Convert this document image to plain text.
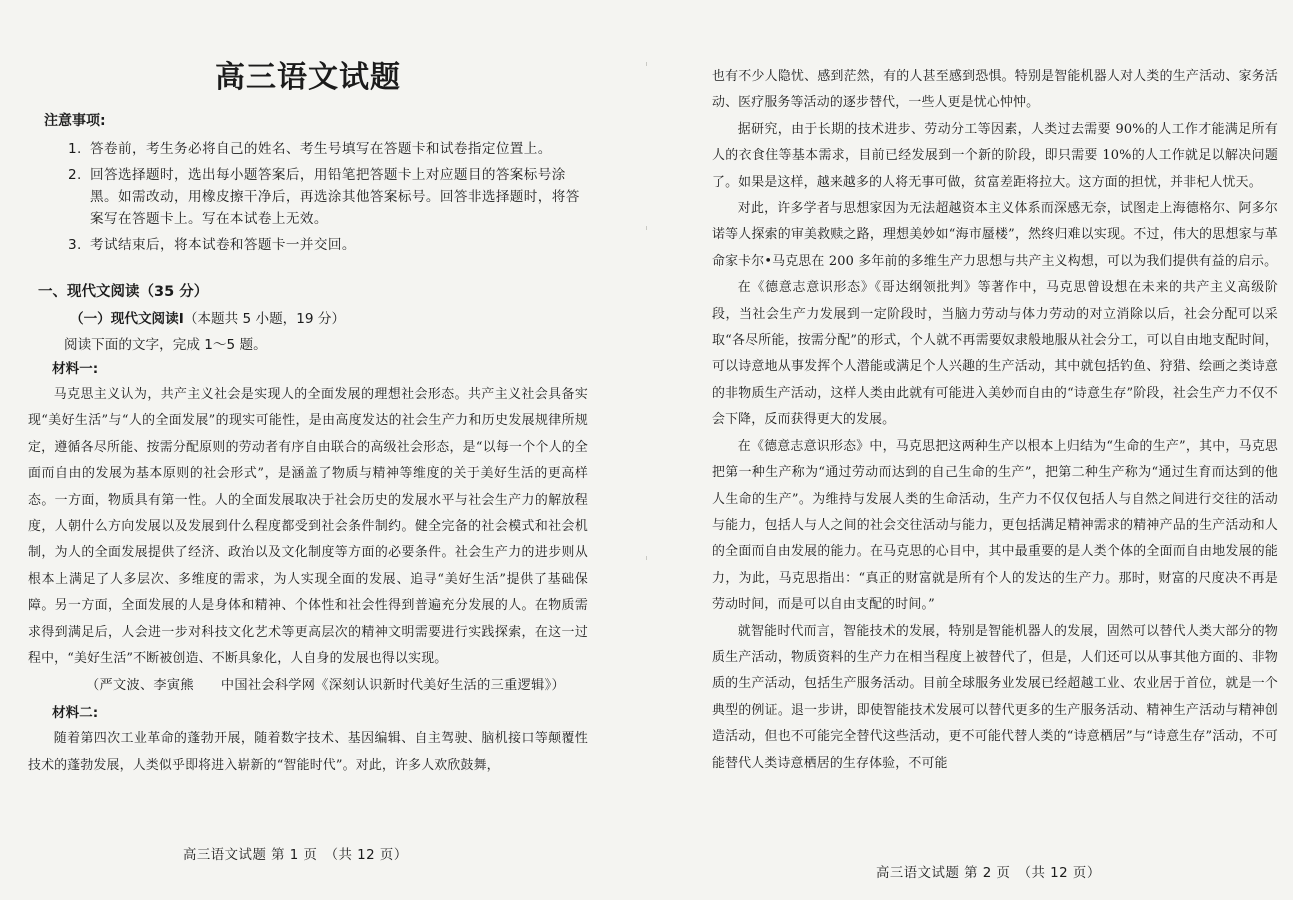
高三语文试题
注意事项:
1. 答卷前，考生务必将自己的姓名、考生号填写在答题卡和试卷指定位置上。
2. 回答选择题时，选出每小题答案后，用铅笔把答题卡上对应题目的答案标号涂黑。如需改动，用橡皮擦干净后，再选涂其他答案标号。回答非选择题时，将答案写在答题卡上。写在本试卷上无效。
3. 考试结束后，将本试卷和答题卡一并交回。
一、现代文阅读（35 分）
（一）现代文阅读Ⅰ（本题共 5 小题，19 分）
阅读下面的文字，完成 1～5 题。
材料一:

马克思主义认为，共产主义社会是实现人的全面发展的理想社会形态。共产主义社会具备实现“美好生活”与“人的全面发展”的现实可能性，是由高度发达的社会生产力和历史发展规律所规定，遵循各尽所能、按需分配原则的劳动者有序自由联合的高级社会形态，是“以每一个个人的全面而自由的发展为基本原则的社会形式”，是涵盖了物质与精神等维度的关于美好生活的更高样态。一方面，物质具有第一性。人的全面发展取决于社会历史的发展水平与社会生产力的解放程度，人朝什么方向发展以及发展到什么程度都受到社会条件制约。健全完备的社会模式和社会机制，为人的全面发展提供了经济、政治以及文化制度等方面的必要条件。社会生产力的进步则从根本上满足了人多层次、多维度的需求，为人实现全面的发展、追寻“美好生活”提供了基础保障。另一方面，全面发展的人是身体和精神、个体性和社会性得到普遍充分发展的人。在物质需求得到满足后，人会进一步对科技文化艺术等更高层次的精神文明需要进行实践探索，在这一过程中，“美好生活”不断被创造、不断具象化，人自身的发展也得以实现。

（严文波、李寅熊　　中国社会科学网《深刻认识新时代美好生活的三重逻辑》）
材料二:

随着第四次工业革命的蓬勃开展，随着数字技术、基因编辑、自主驾驶、脑机接口等颠覆性技术的蓬勃发展，人类似乎即将进入崭新的“智能时代”。对此，许多人欢欣鼓舞，

高三语文试题 第 1 页　（共 12 页）

也有不少人隐忧、感到茫然，有的人甚至感到恐惧。特别是智能机器人对人类的生产活动、家务活动、医疗服务等活动的逐步替代，一些人更是忧心忡忡。

据研究，由于长期的技术进步、劳动分工等因素，人类过去需要 90%的人工作才能满足所有人的衣食住等基本需求，目前已经发展到一个新的阶段，即只需要 10%的人工作就足以解决问题了。如果是这样，越来越多的人将无事可做，贫富差距将拉大。这方面的担忧，并非杞人忧天。

对此，许多学者与思想家因为无法超越资本主义体系而深感无奈，试图走上海德格尔、阿多尔诺等人探索的审美救赎之路，理想美妙如“海市蜃楼”，然终归难以实现。不过，伟大的思想家与革命家卡尔•马克思在 200 多年前的多维生产力思想与共产主义构想，可以为我们提供有益的启示。

在《德意志意识形态》《哥达纲领批判》等著作中，马克思曾设想在未来的共产主义高级阶段，当社会生产力发展到一定阶段时，当脑力劳动与体力劳动的对立消除以后，社会分配可以采取“各尽所能，按需分配”的形式，个人就不再需要奴隶般地服从社会分工，可以自由地支配时间，可以诗意地从事发挥个人潜能或满足个人兴趣的生产活动，其中就包括钓鱼、狩猎、绘画之类诗意的非物质生产活动，这样人类由此就有可能进入美妙而自由的“诗意生存”阶段，社会生产力不仅不会下降，反而获得更大的发展。

在《德意志意识形态》中，马克思把这两种生产以根本上归结为“生命的生产”，其中，马克思把第一种生产称为“通过劳动而达到的自己生命的生产”，把第二种生产称为“通过生育而达到的他人生命的生产”。为维持与发展人类的生命活动，生产力不仅仅包括人与自然之间进行交往的活动与能力，包括人与人之间的社会交往活动与能力，更包括满足精神需求的精神产品的生产活动和人的全面而自由发展的能力。在马克思的心目中，其中最重要的是人类个体的全面而自由地发展的能力，为此，马克思指出：“真正的财富就是所有个人的发达的生产力。那时，财富的尺度决不再是劳动时间，而是可以自由支配的时间。”

就智能时代而言，智能技术的发展，特别是智能机器人的发展，固然可以替代人类大部分的物质生产活动，物质资料的生产力在相当程度上被替代了，但是，人们还可以从事其他方面的、非物质的生产活动，包括生产服务活动。目前全球服务业发展已经超越工业、农业居于首位，就是一个典型的例证。退一步讲，即使智能技术发展可以替代更多的生产服务活动、精神生产活动与精神创造活动，但也不可能完全替代这些活动，更不可能代替人类的“诗意栖居”与“诗意生存”活动，不可能替代人类诗意栖居的生存体验，不可能

高三语文试题 第 2 页　（共 12 页）
